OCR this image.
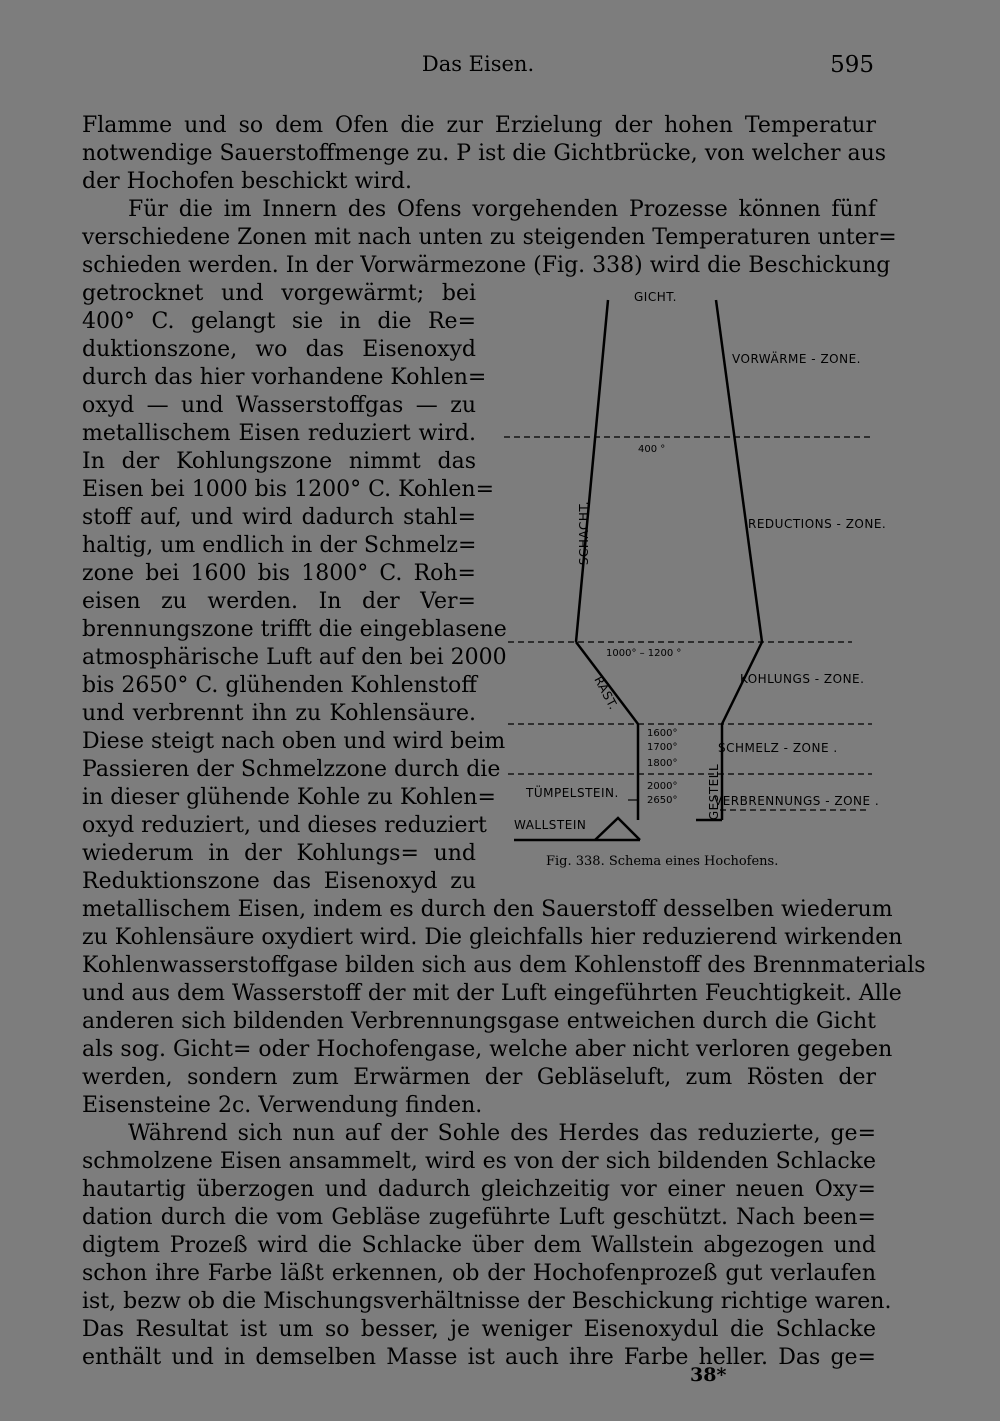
Das Eisen.	595
Flamme und so dem Ofen die zur Erzielung der hohen Temperatur
notwendige Sauerstoffmenge zu. P ist die Gichtbrücke, von welcher aus
der Hochofen beschickt wird.
Für die im Innern des Ofens vorgehenden Prozesse können fünf
verschiedene Zonen mit nach unten zu steigenden Temperaturen unter=
schieden werden. In der Vorwärmezone (Fig. 338) wird die Beschickung
getrocknet und vorgewärmt; bei
400° C. gelangt sie in die Re=
duktionszone, wo das Eisenoxyd
durch das hier vorhandene Kohlen=
oxyd — und Wasserstoffgas — zu
metallischem Eisen reduziert wird.
In der Kohlungszone nimmt das
Eisen bei 1000 bis 1200° C. Kohlen=
stoff auf, und wird dadurch stahl=
haltig, um endlich in der Schmelz=
zone bei 1600 bis 1800° C. Roh=
eisen zu werden. In der Ver=
brennungszone trifft die eingeblasene
atmosphärische Luft auf den bei 2000
bis 2650° C. glühenden Kohlenstoff
und verbrennt ihn zu Kohlensäure.
Diese steigt nach oben und wird beim
Passieren der Schmelzzone durch die
in dieser glühende Kohle zu Kohlen=
oxyd reduziert, und dieses reduziert
wiederum in der Kohlungs= und
Reduktionszone das Eisenoxyd zu
GICHT.
VORWÄRME - ZONE.
400 °
REDUCTIONS - ZONE.
SCHACHT.
1000° – 1200 °
KOHLUNGS - ZONE.
RAST.
1600°
1700°
1800°
SCHMELZ - ZONE .
2000°
2650°
TÜMPELSTEIN.	GESTELL
VERBRENNUNGS - ZONE .
WALLSTEIN
Fig. 338. Schema eines Hochofens.
metallischem Eisen, indem es durch den Sauerstoff desselben wiederum
zu Kohlensäure oxydiert wird. Die gleichfalls hier reduzierend wirkenden
Kohlenwasserstoffgase bilden sich aus dem Kohlenstoff des Brennmaterials
und aus dem Wasserstoff der mit der Luft eingeführten Feuchtigkeit. Alle
anderen sich bildenden Verbrennungsgase entweichen durch die Gicht
als sog. Gicht= oder Hochofengase, welche aber nicht verloren gegeben
werden, sondern zum Erwärmen der Gebläseluft, zum Rösten der
Eisensteine 2c. Verwendung finden.
Während sich nun auf der Sohle des Herdes das reduzierte, ge=
schmolzene Eisen ansammelt, wird es von der sich bildenden Schlacke
hautartig überzogen und dadurch gleichzeitig vor einer neuen Oxy=
dation durch die vom Gebläse zugeführte Luft geschützt. Nach been=
digtem Prozeß wird die Schlacke über dem Wallstein abgezogen und
schon ihre Farbe läßt erkennen, ob der Hochofenprozeß gut verlaufen
ist, bezw ob die Mischungsverhältnisse der Beschickung richtige waren.
Das Resultat ist um so besser, je weniger Eisenoxydul die Schlacke
enthält und in demselben Masse ist auch ihre Farbe heller. Das ge=
38*
